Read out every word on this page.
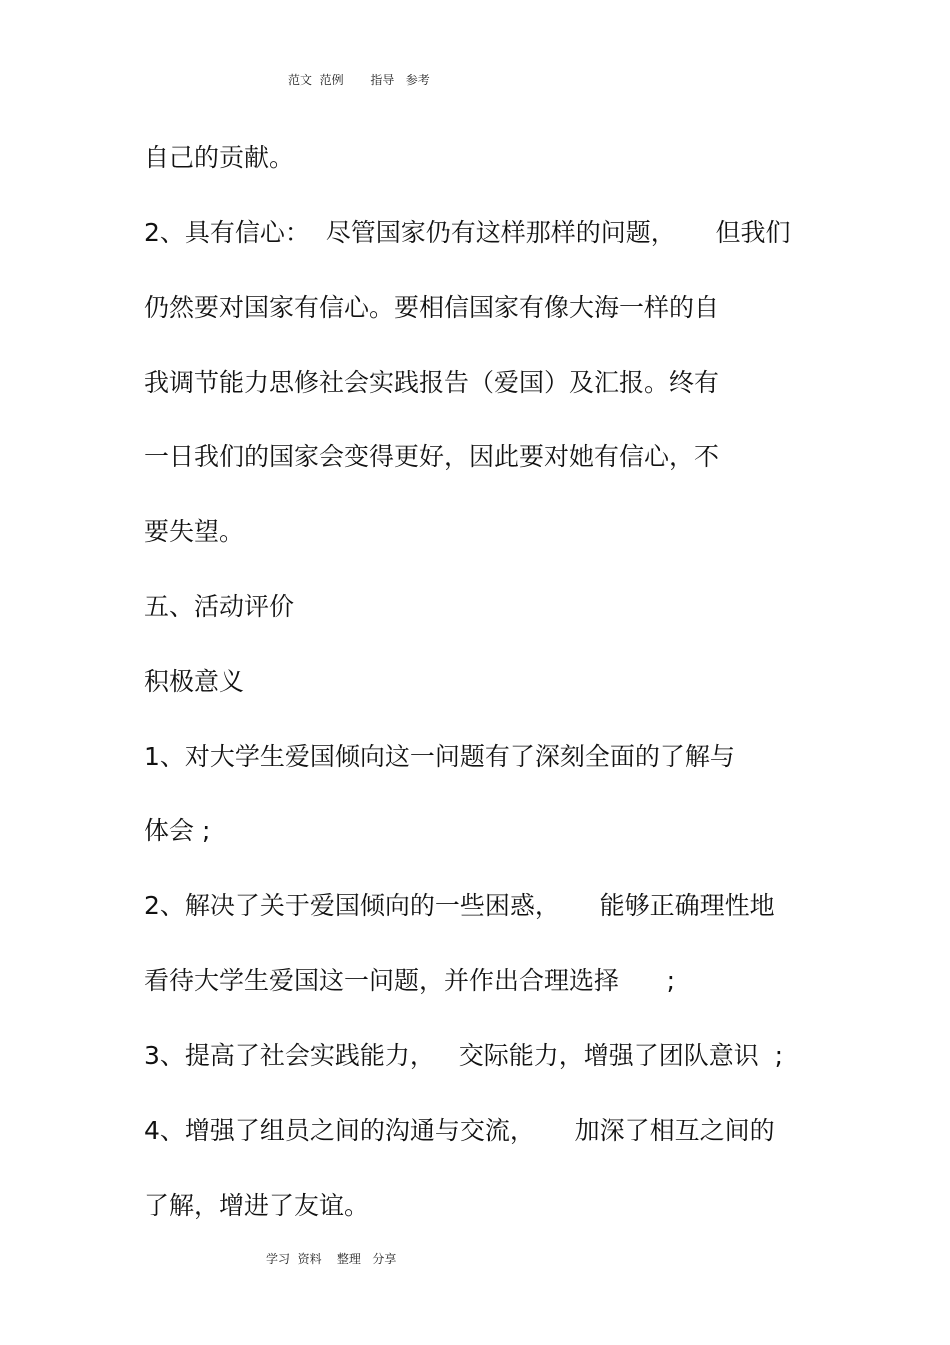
范文  范例       指导   参考
自己的贡献。
2、具有信心：  尽管国家仍有这样那样的问题，     但我们
仍然要对国家有信心。要相信国家有像大海一样的自
我调节能力思修社会实践报告（爱国）及汇报。终有
一日我们的国家会变得更好，因此要对她有信心，不
要失望。
五、活动评价
积极意义
1、对大学生爱国倾向这一问题有了深刻全面的了解与
体会 ;
2、解决了关于爱国倾向的一些困惑，     能够正确理性地
看待大学生爱国这一问题，并作出合理选择      ;
3、提高了社会实践能力，   交际能力，增强了团队意识  ;
4、增强了组员之间的沟通与交流，     加深了相互之间的
了解，增进了友谊。
学习  资料    整理   分享
